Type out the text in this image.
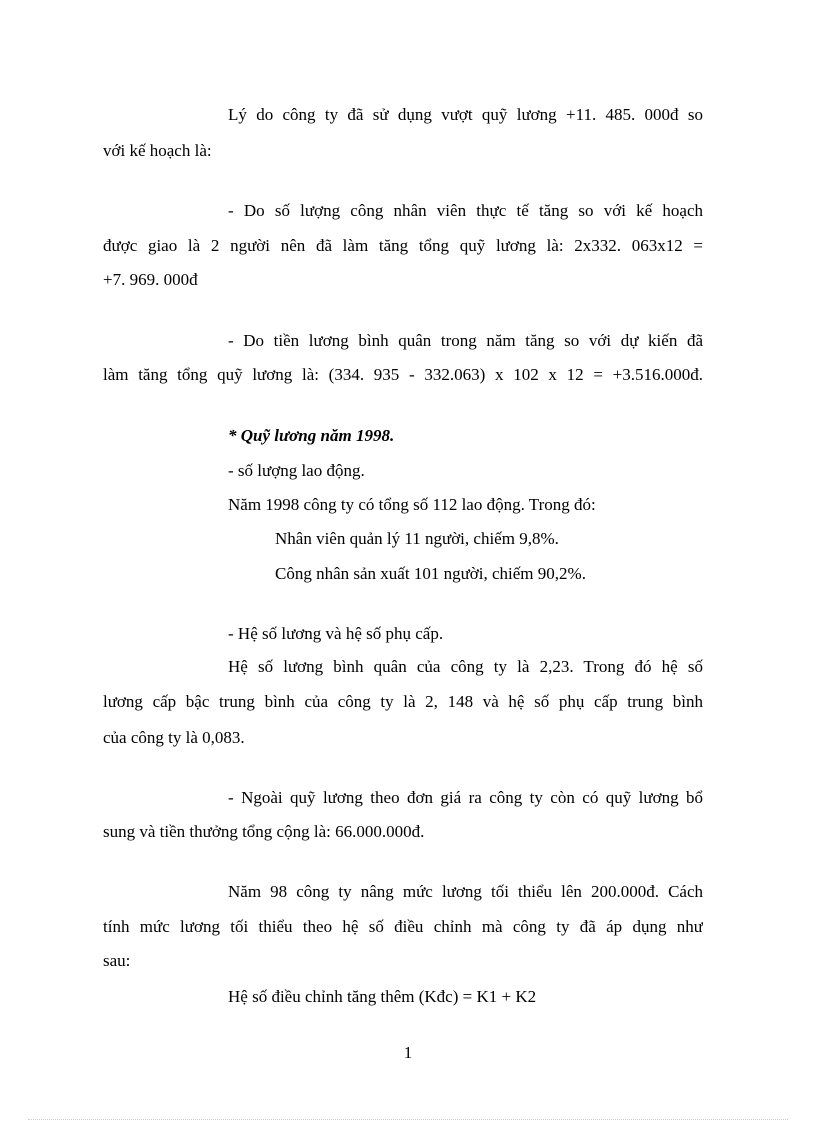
Lý do công ty đã sử dụng vượt quỹ lương +11. 485. 000đ so
với kế hoạch là:
- Do số lượng công nhân viên thực tế tăng so với kế hoạch
được giao là 2 người nên đã làm tăng tổng quỹ lương là: 2x332. 063x12 =
+7. 969. 000đ
- Do tiền lương bình quân trong năm tăng so với dự kiến đã
làm tăng tổng quỹ lương là: (334. 935 - 332.063) x 102 x 12 = +3.516.000đ.
* Quỹ lương năm 1998.
- số lượng lao động.
Năm 1998 công ty có tổng số 112 lao động. Trong đó:
Nhân viên quản lý 11 người, chiếm 9,8%.
Công nhân sản xuất 101 người, chiếm 90,2%.
- Hệ số lương và hệ số phụ cấp.
Hệ số lương bình quân của công ty là 2,23. Trong đó hệ số
lương cấp bậc trung bình của công ty là 2, 148 và hệ số phụ cấp trung bình
của công ty là 0,083.
- Ngoài quỹ lương theo đơn giá ra công ty còn có quỹ lương bổ
sung và tiền thưởng tổng cộng là: 66.000.000đ.
Năm 98 công ty nâng mức lương tối thiểu lên 200.000đ. Cách
tính mức lương tối thiểu theo hệ số điều chỉnh mà công ty đã áp dụng như
sau:
Hệ số điều chỉnh tăng thêm (Kđc) = K1 + K2
1
